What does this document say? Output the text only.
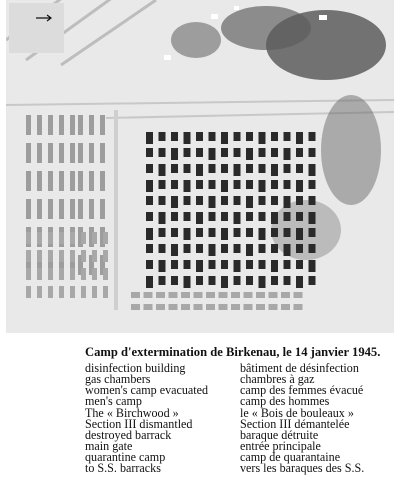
Camp d'extermination de Birkenau, le 14 janvier 1945.
disinfection building
gas chambers
women's camp evacuated
men's camp
The « Birchwood »
Section III dismantled
destroyed barrack
main gate
quarantine camp
to S.S. barracks
bâtiment de désinfection
chambres à gaz
camp des femmes évacué
camp des hommes
le « Bois de bouleaux »
Section III démantelée
baraque détruite
entrée principale
camp de quarantaine
vers les baraques des S.S.
